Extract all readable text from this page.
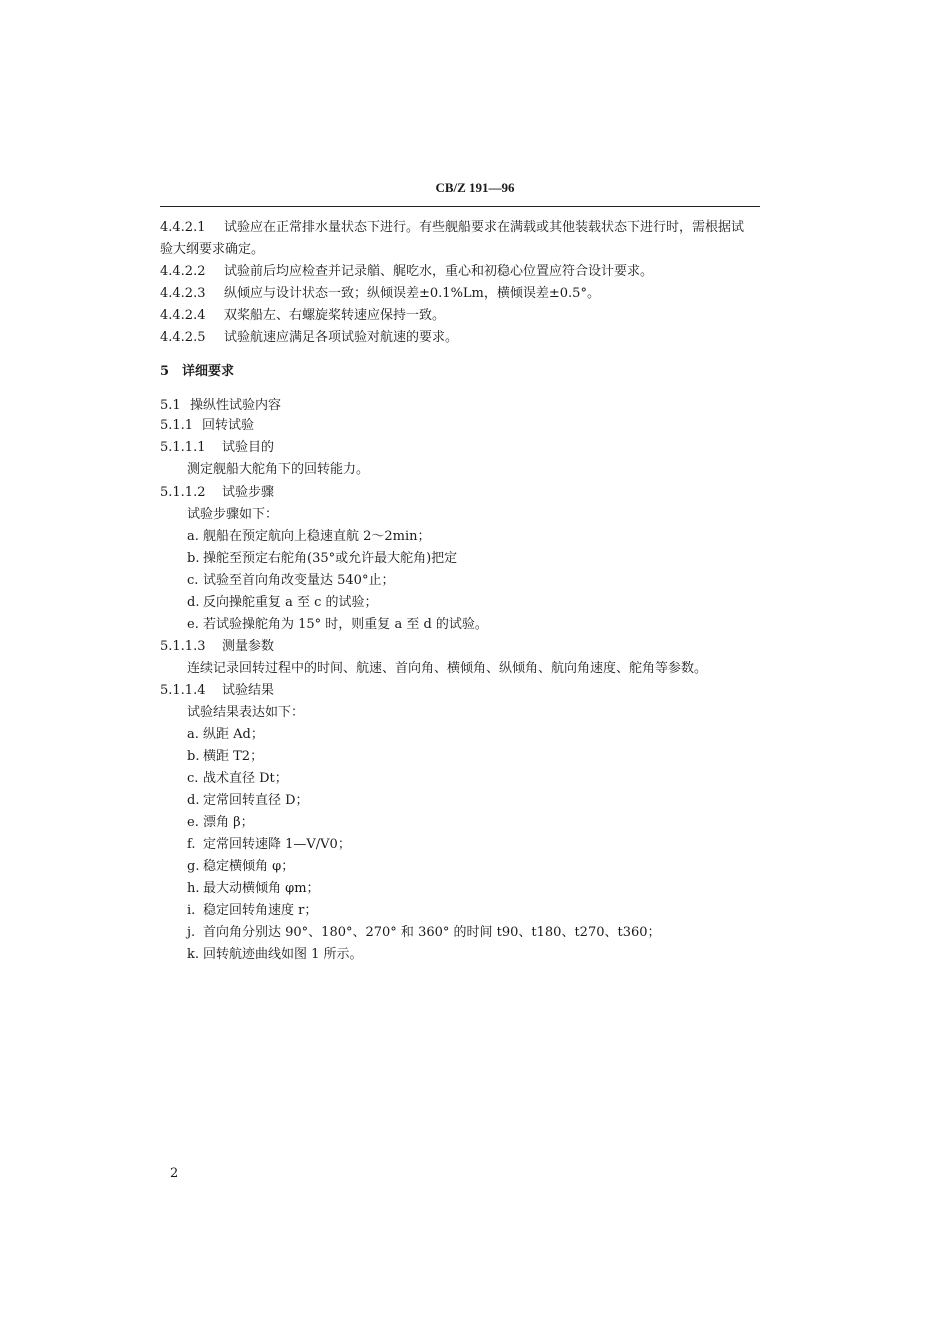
CB/Z 191—96
4.4.2.1 试验应在正常排水量状态下进行。有些舰船要求在满载或其他装载状态下进行时，需根据试
验大纲要求确定。
4.4.2.2 试验前后均应检查并记录艏、艉吃水，重心和初稳心位置应符合设计要求。
4.4.2.3 纵倾应与设计状态一致；纵倾误差±0.1%Lm，横倾误差±0.5°。
4.4.2.4 双桨船左、右螺旋桨转速应保持一致。
4.4.2.5 试验航速应满足各项试验对航速的要求。
5 详细要求
5.1 操纵性试验内容
5.1.1 回转试验
5.1.1.1 试验目的
测定舰船大舵角下的回转能力。
5.1.1.2 试验步骤
试验步骤如下：
a. 舰船在预定航向上稳速直航 2～2min；
b. 操舵至预定右舵角(35°或允许最大舵角)把定
c. 试验至首向角改变量达 540°止；
d. 反向操舵重复 a 至 c 的试验；
e. 若试验操舵角为 15° 时，则重复 a 至 d 的试验。
5.1.1.3 测量参数
连续记录回转过程中的时间、航速、首向角、横倾角、纵倾角、航向角速度、舵角等参数。
5.1.1.4 试验结果
试验结果表达如下：
a. 纵距 Ad；
b. 横距 T2；
c. 战术直径 Dt；
d. 定常回转直径 D；
e. 漂角 β；
f. 定常回转速降 1—V/V0；
g. 稳定横倾角 φ；
h. 最大动横倾角 φm；
i. 稳定回转角速度 r；
j. 首向角分别达 90°、180°、270° 和 360° 的时间 t90、t180、t270、t360；
k. 回转航迹曲线如图 1 所示。
2
